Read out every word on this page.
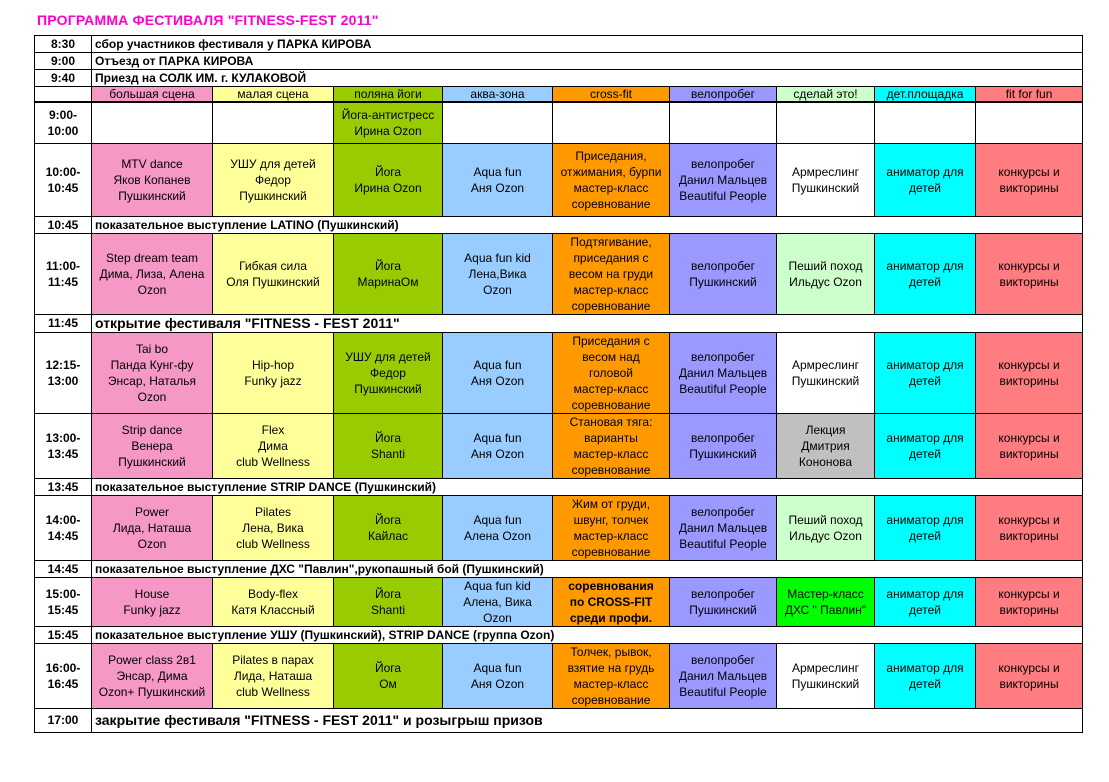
ПРОГРАММА ФЕСТИВАЛЯ "FITNESS-FEST 2011"
8:30	сбор участников фестиваля у ПАРКА КИРОВА								
9:00	Отъезд от ПАРКА КИРОВА								
9:40	Приезд на СОЛК ИМ. г. КУЛАКОВОЙ								
	большая сцена	малая сцена	поляна йоги	аква-зона	cross-fit	велопробег	сделай это!	дет.площадка	fit for fun
9:00-
10:00			Йога-антистресс
Ирина Ozon						
10:00-
10:45	MTV dance
Яков Копанев
Пушкинский	УШУ для детей
Федор
Пушкинский	Йога
Ирина Ozon	Aqua fun
Аня Ozon	Приседания,
отжимания, бурпи
мастер-класс
соревнование	велопробег
Данил Мальцев
Beautiful People	Армреслинг
Пушкинский	аниматор для
детей	конкурсы и
викторины
10:45	показательное выступление LATINO (Пушкинский)								
11:00-
11:45	Step dream team
Дима, Лиза, Алена
Ozon	Гибкая сила
Оля Пушкинский	Йога
МаринаОм	Aqua fun kid
Лена,Вика
Ozon	Подтягивание,
приседания с
весом на груди
мастер-класс
соревнование	велопробег
Пушкинский	Пеший поход
Ильдус Ozon	аниматор для
детей	конкурсы и
викторины
11:45	открытие фестиваля "FITNESS - FEST 2011"								
12:15-
13:00	Tai bo
Панда Кунг-фу
Энсар, Наталья
Ozon	Hip-hop
Funky jazz	УШУ для детей
Федор
Пушкинский	Aqua fun
Аня Ozon	Приседания с
весом над
головой
мастер-класс
соревнование	велопробег
Данил Мальцев
Beautiful People	Армреслинг
Пушкинский	аниматор для
детей	конкурсы и
викторины
13:00-
13:45	Strip dance
Венера
Пушкинский	Flex
Дима
club Wellness	Йога
Shanti	Aqua fun
Аня Ozon	Становая тяга:
варианты
мастер-класс
соревнование	велопробег
Пушкинский	Лекция
Дмитрия
Кононова	аниматор для
детей	конкурсы и
викторины
13:45	показательное выступление STRIP DANCE (Пушкинский)								
14:00-
14:45	Power
Лида, Наташа
Ozon	Pilates
Лена, Вика
club Wellness	Йога
Кайлас	Aqua fun
Алена Ozon	Жим от груди,
швунг, толчек
мастер-класс
соревнование	велопробег
Данил Мальцев
Beautiful People	Пеший поход
Ильдус Ozon	аниматор для
детей	конкурсы и
викторины
14:45	показательное выступление ДХС "Павлин",рукопашный бой (Пушкинский)								
15:00-
15:45	House
Funky jazz	Body-flex
Катя Классный	Йога
Shanti	Aqua fun kid
Алена, Вика
Ozon	соревнования
по CROSS-FIT
среди профи.	велопробег
Пушкинский	Мастер-класс
ДХС " Павлин"	аниматор для
детей	конкурсы и
викторины
15:45	показательное выступление УШУ (Пушкинский), STRIP DANCE (группа Ozon)								
16:00-
16:45	Power class 2в1
Энсар, Дима
Ozon+ Пушкинский	Pilates в парах
Лида, Наташа
club Wellness	Йога
Ом	Aqua fun
Аня Ozon	Толчек, рывок,
взятие на грудь
мастер-класс
соревнование	велопробег
Данил Мальцев
Beautiful People	Армреслинг
Пушкинский	аниматор для
детей	конкурсы и
викторины
17:00	закрытие фестиваля "FITNESS - FEST 2011" и розыгрыш призов								
